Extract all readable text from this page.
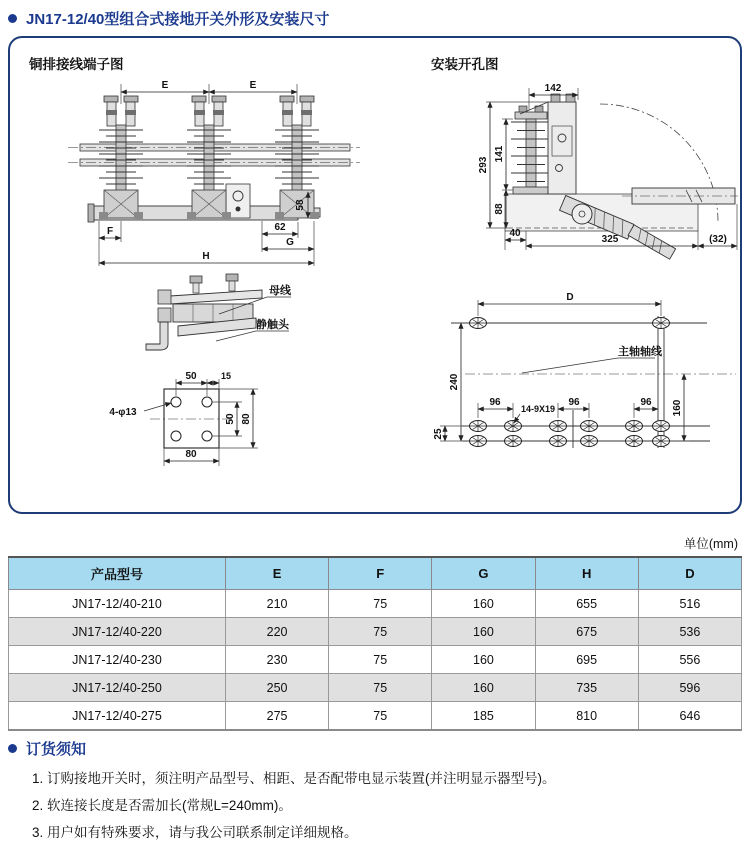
JN17-12/40型组合式接地开关外形及安装尺寸
铜排接线端子图	安装开孔图
E	E
F	62
G
H
58
142
293
141
88
40
325	(32)
母线
静触头
50	15
4-φ13
50 80
80
D
主轴轴线
96	96	96
14-9X19
240
25
160
单位(mm)
产品型号	E	F	G	H	D
JN17-12/40-210	210	75	160	655	516
JN17-12/40-220	220	75	160	675	536
JN17-12/40-230	230	75	160	695	556
JN17-12/40-250	250	75	160	735	596
JN17-12/40-275	275	75	185	810	646
订货须知

1. 订购接地开关时，须注明产品型号、相距、是否配带电显示装置(并注明显示器型号)。

2. 软连接长度是否需加长(常规L=240mm)。

3. 用户如有特殊要求，请与我公司联系制定详细规格。
